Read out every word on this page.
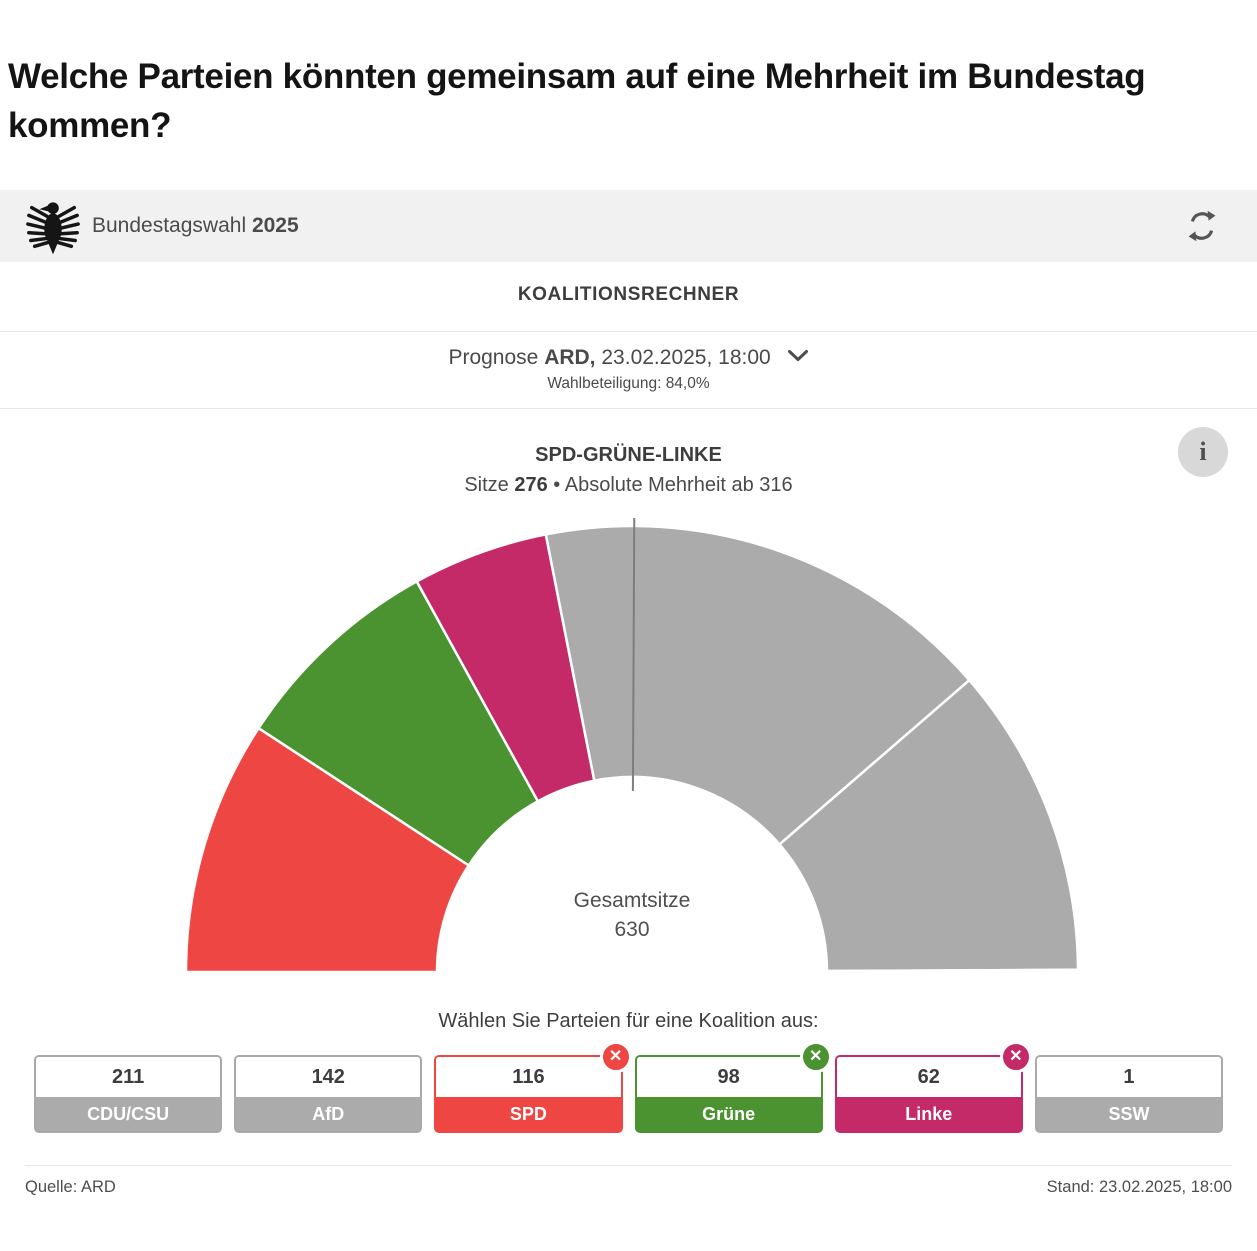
Welche Parteien könnten gemeinsam auf eine Mehrheit im Bundestag kommen?
Bundestagswahl 2025
KOALITIONSRECHNER
Prognose ARD, 23.02.2025, 18:00
Wahlbeteiligung: 84,0%
SPD-GRÜNE-LINKE
Sitze 276 • Absolute Mehrheit ab 316
i
Gesamtsitze
630
Wählen Sie Parteien für eine Koalition aus:
211
CDU/CSU
142
AfD
116
SPD
✕
98
Grüne
✕
62
Linke
✕
1
SSW
Quelle: ARD	Stand: 23.02.2025, 18:00
